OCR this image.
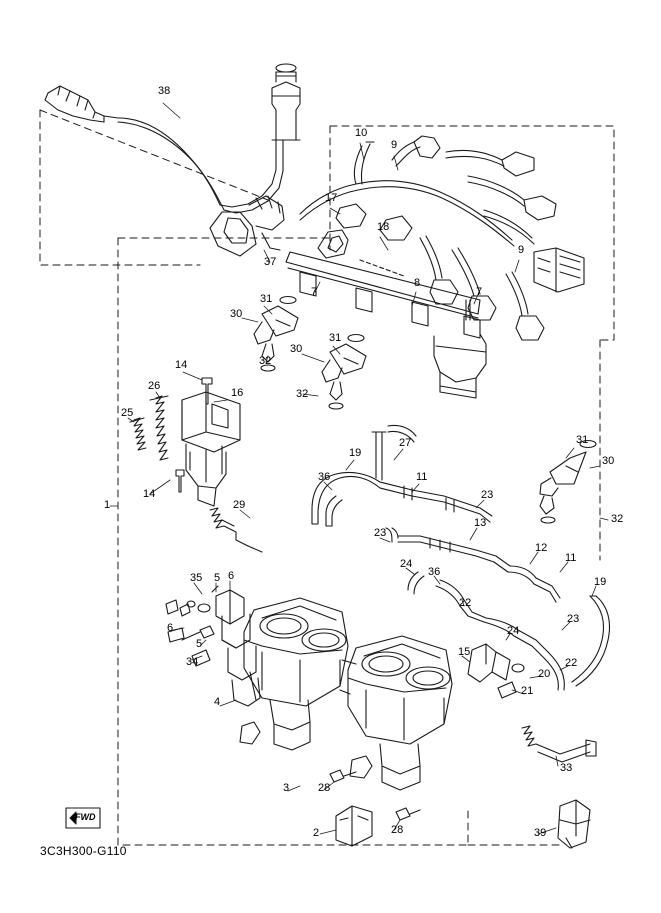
38
10
9
17
18
9
37
7
8
7
31
30
31
30
32
32
14
26
16
25
31
30
27
19
14
36	11
23
1
32
13
29
23
12
11
24
36
19
35 5 6
22
23
6
5
24
22
34
15
20
21
4
33
3	28
2	28	39
FWD
3C3H300-G110
